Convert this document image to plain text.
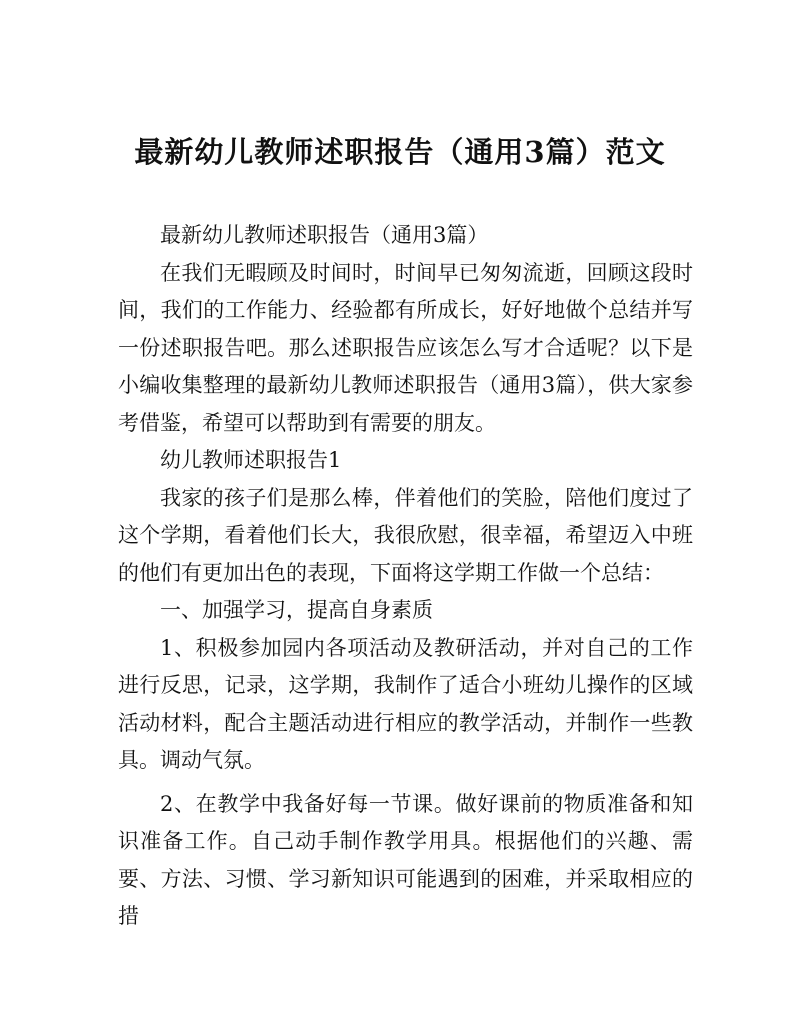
最新幼儿教师述职报告（通用3篇）范文

最新幼儿教师述职报告（通用3篇）

在我们无暇顾及时间时，时间早已匆匆流逝，回顾这段时间，我们的工作能力、经验都有所成长，好好地做个总结并写一份述职报告吧。那么述职报告应该怎么写才合适呢？以下是小编收集整理的最新幼儿教师述职报告（通用3篇），供大家参考借鉴，希望可以帮助到有需要的朋友。

幼儿教师述职报告1

我家的孩子们是那么棒，伴着他们的笑脸，陪他们度过了这个学期，看着他们长大，我很欣慰，很幸福，希望迈入中班的他们有更加出色的表现，下面将这学期工作做一个总结：

一、加强学习，提高自身素质

1、积极参加园内各项活动及教研活动，并对自己的工作进行反思，记录，这学期，我制作了适合小班幼儿操作的区域活动材料，配合主题活动进行相应的教学活动，并制作一些教具。调动气氛。

2、在教学中我备好每一节课。做好课前的物质准备和知识准备工作。自己动手制作教学用具。根据他们的兴趣、需要、方法、习惯、学习新知识可能遇到的困难，并采取相应的措
